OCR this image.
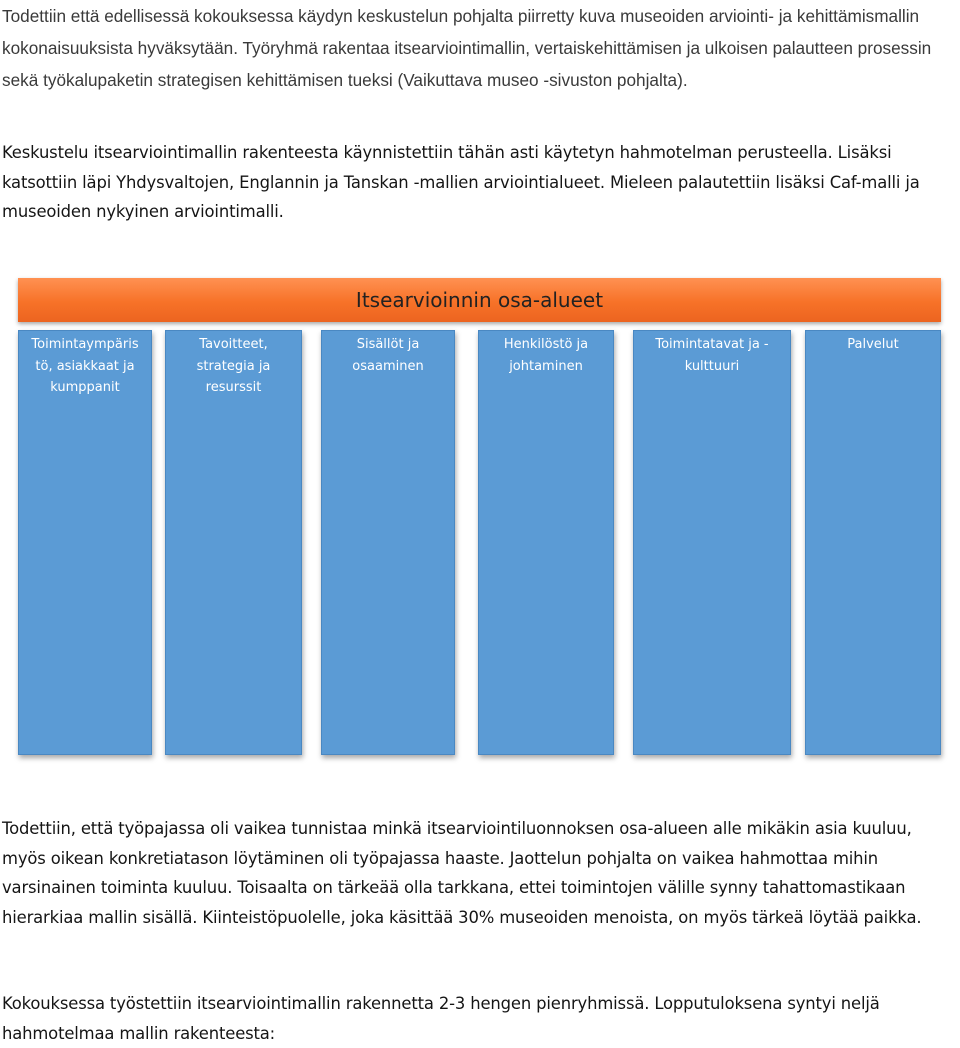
Todettiin että edellisessä kokouksessa käydyn keskustelun pohjalta piirretty kuva museoiden arviointi- ja kehittämismallin kokonaisuuksista hyväksytään. Työryhmä rakentaa itsearviointimallin, vertaiskehittämisen ja ulkoisen palautteen prosessin sekä työkalupaketin strategisen kehittämisen tueksi (Vaikuttava museo -sivuston pohjalta).

Keskustelu itsearviointimallin rakenteesta käynnistettiin tähän asti käytetyn hahmotelman perusteella. Lisäksi katsottiin läpi Yhdysvaltojen, Englannin ja Tanskan -mallien arviointialueet. Mieleen palautettiin lisäksi Caf-malli ja museoiden nykyinen arviointimalli.

Itsearvioinnin osa-alueet
Toimintaympäris
tö, asiakkaat ja
kumppanit
Tavoitteet,
strategia ja
resurssit
Sisällöt ja
osaaminen
Henkilöstö ja
johtaminen
Toimintatavat ja -
kulttuuri
Palvelut

Todettiin, että työpajassa oli vaikea tunnistaa minkä itsearviointiluonnoksen osa-alueen alle mikäkin asia kuuluu, myös oikean konkretiatason löytäminen oli työpajassa haaste. Jaottelun pohjalta on vaikea hahmottaa mihin varsinainen toiminta kuuluu. Toisaalta on tärkeää olla tarkkana, ettei toimintojen välille synny tahattomastikaan hierarkiaa mallin sisällä. Kiinteistöpuolelle, joka käsittää 30% museoiden menoista, on myös tärkeä löytää paikka.

Kokouksessa työstettiin itsearviointimallin rakennetta 2-3 hengen pienryhmissä. Lopputuloksena syntyi neljä hahmotelmaa mallin rakenteesta:
